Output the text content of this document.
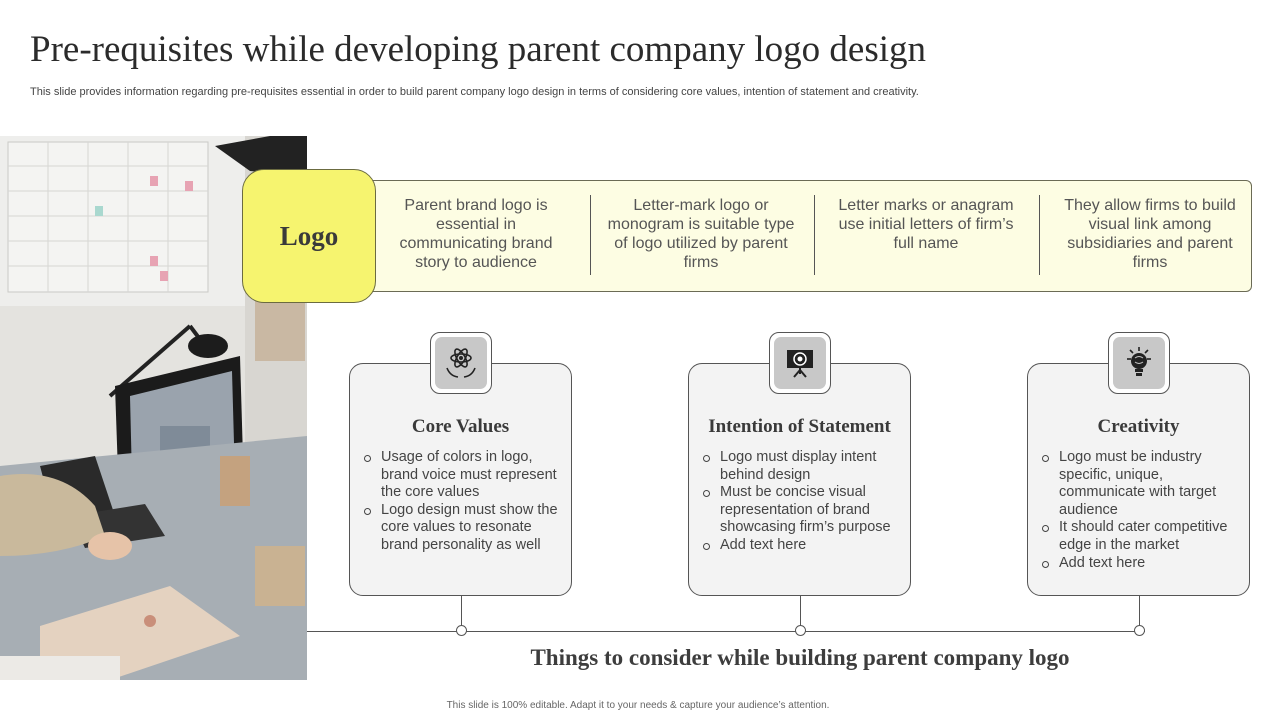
Pre-requisites while developing parent company logo design
This slide provides information regarding pre-requisites essential in order to build parent company logo design in terms of considering core values, intention of statement and creativity.
Logo
Parent brand logo is essential in communicating brand story to audience
Letter-mark logo or monogram is suitable type of logo utilized by parent firms
Letter marks or anagram use initial letters of firm’s full name
They allow firms to build visual link among subsidiaries and parent firms
Core Values
Usage of colors in logo, brand voice must represent the core values
Logo design must show the core values to resonate brand personality as well
Intention of Statement
Logo must display intent behind design
Must be concise visual representation of brand showcasing firm’s purpose
Add text here
Creativity
Logo must be industry specific, unique, communicate with target audience
It should cater competitive edge in the market
Add text here
Things to consider while building parent company logo
This slide is 100% editable. Adapt it to your needs & capture your audience’s attention.
